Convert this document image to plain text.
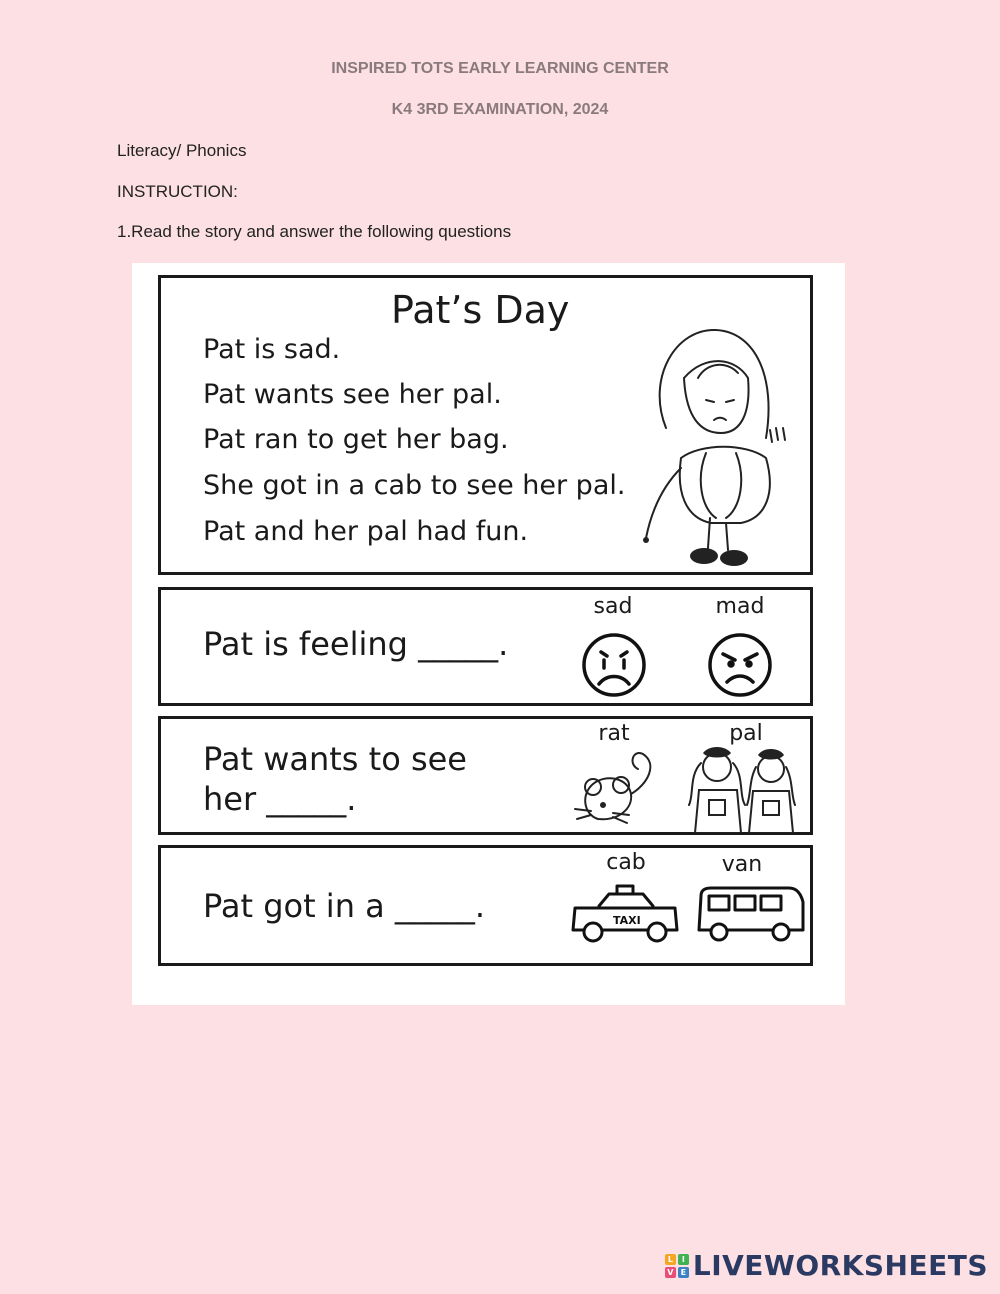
INSPIRED TOTS EARLY LEARNING CENTER
K4 3RD EXAMINATION, 2024
Literacy/ Phonics
INSTRUCTION:
1.Read the story and answer the following questions
Pat’s Day
Pat is sad.
Pat wants see her pal.
Pat ran to get her bag.
She got in a cab to see her pal.
Pat and her pal had fun.
Pat is feeling _____.
sad	mad
Pat wants to see
her _____.
rat	pal
Pat got in a _____.
cab	van
TAXI
L	I
V E LIVEWORKSHEETS
